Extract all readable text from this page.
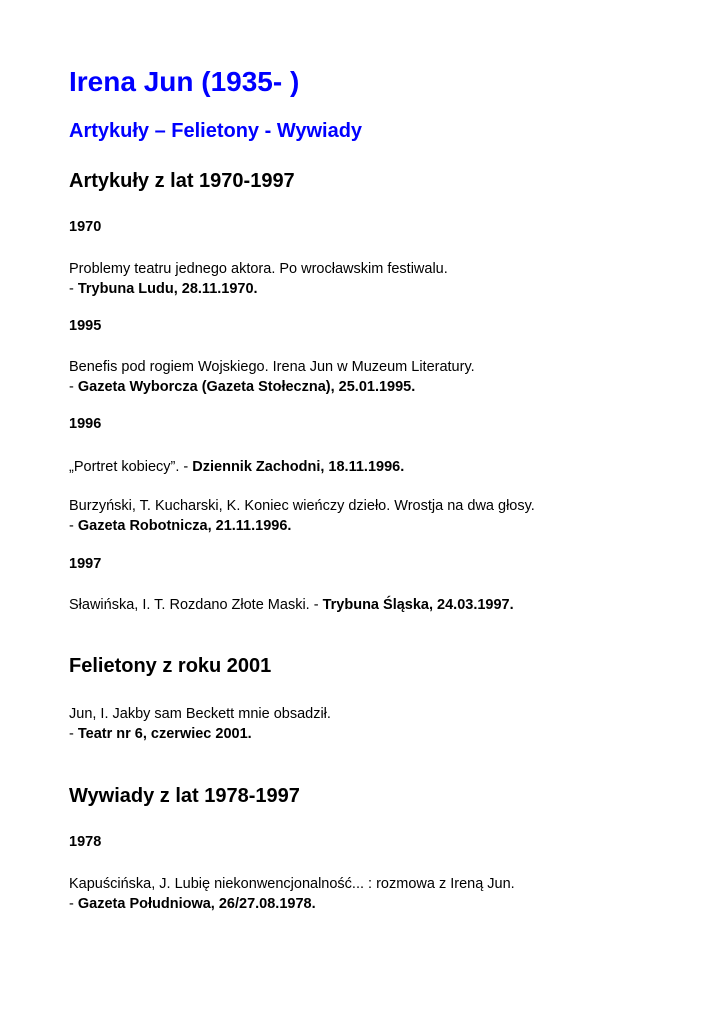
Irena Jun (1935- )
Artykuły – Felietony - Wywiady
Artykuły z lat 1970-1997
1970
Problemy teatru jednego aktora. Po wrocławskim festiwalu.
- Trybuna Ludu, 28.11.1970.
1995
Benefis pod rogiem Wojskiego. Irena Jun w Muzeum Literatury.
- Gazeta Wyborcza (Gazeta Stołeczna), 25.01.1995.
1996
„Portret kobiecy”. - Dziennik Zachodni, 18.11.1996.
Burzyński, T. Kucharski, K. Koniec wieńczy dzieło. Wrostja na dwa głosy.
- Gazeta Robotnicza, 21.11.1996.
1997
Sławińska, I. T. Rozdano Złote Maski. - Trybuna Śląska, 24.03.1997.
Felietony z roku 2001
Jun, I. Jakby sam Beckett mnie obsadził.
- Teatr nr 6, czerwiec 2001.
Wywiady z lat 1978-1997
1978
Kapuścińska, J. Lubię niekonwencjonalność... : rozmowa z Ireną Jun.
- Gazeta Południowa, 26/27.08.1978.
